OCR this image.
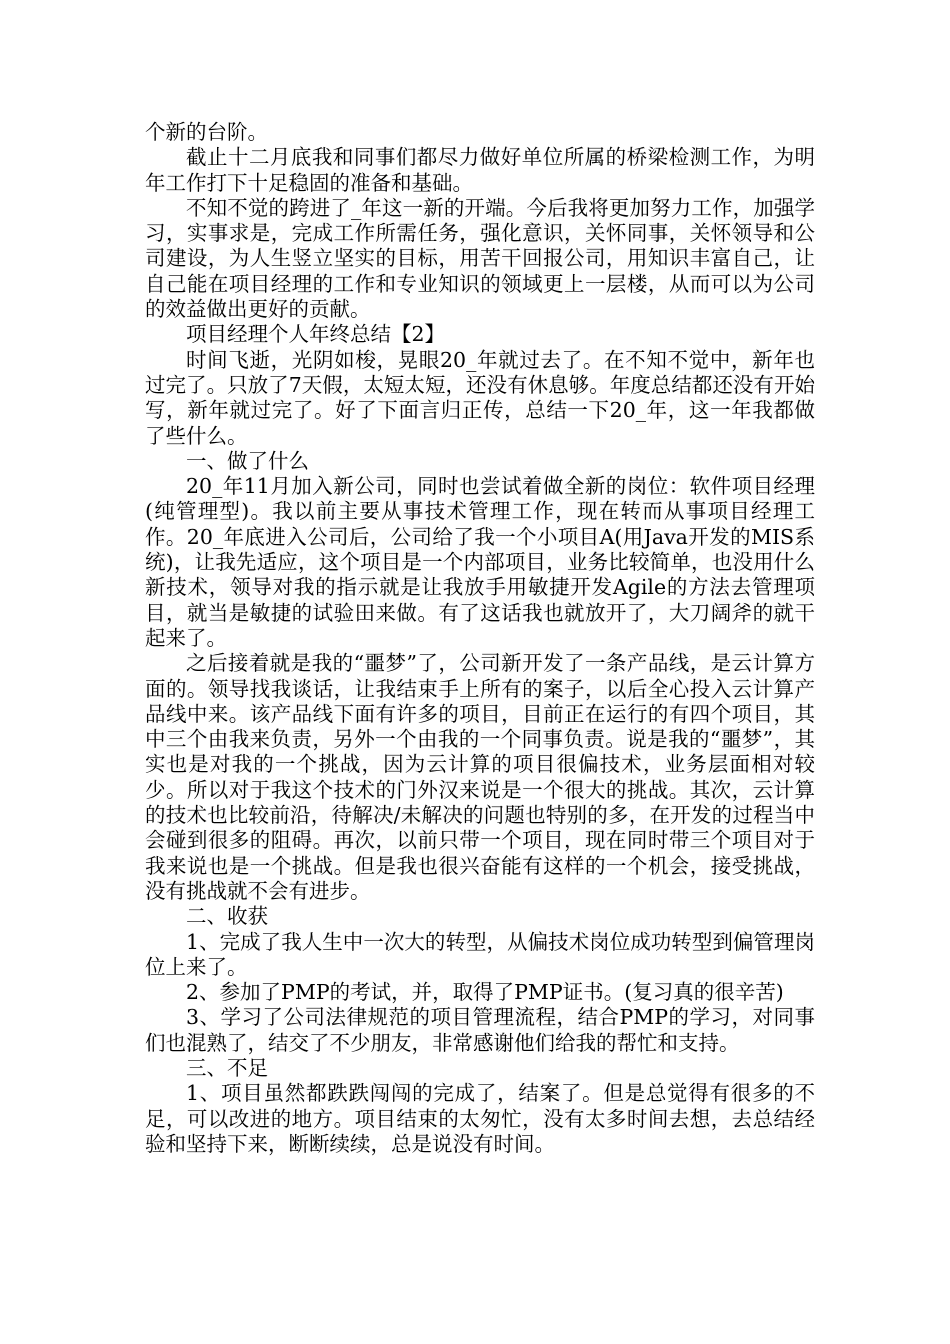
个新的台阶。

截止十二月底我和同事们都尽力做好单位所属的桥梁检测工作，为明年工作打下十足稳固的准备和基础。

不知不觉的跨进了_年这一新的开端。今后我将更加努力工作，加强学习，实事求是，完成工作所需任务，强化意识，关怀同事，关怀领导和公司建设，为人生竖立坚实的目标，用苦干回报公司，用知识丰富自己，让自己能在项目经理的工作和专业知识的领域更上一层楼，从而可以为公司的效益做出更好的贡献。

项目经理个人年终总结【2】

时间飞逝，光阴如梭，晃眼20_年就过去了。在不知不觉中，新年也过完了。只放了7天假，太短太短，还没有休息够。年度总结都还没有开始写，新年就过完了。好了下面言归正传，总结一下20_年，这一年我都做了些什么。

一、做了什么

20_年11月加入新公司，同时也尝试着做全新的岗位：软件项目经理(纯管理型)。我以前主要从事技术管理工作，现在转而从事项目经理工作。20_年底进入公司后，公司给了我一个小项目A(用Java开发的MIS系统)，让我先适应，这个项目是一个内部项目，业务比较简单，也没用什么新技术，领导对我的指示就是让我放手用敏捷开发Agile的方法去管理项目，就当是敏捷的试验田来做。有了这话我也就放开了，大刀阔斧的就干起来了。

之后接着就是我的“噩梦”了，公司新开发了一条产品线，是云计算方面的。领导找我谈话，让我结束手上所有的案子，以后全心投入云计算产品线中来。该产品线下面有许多的项目，目前正在运行的有四个项目，其中三个由我来负责，另外一个由我的一个同事负责。说是我的“噩梦”，其实也是对我的一个挑战，因为云计算的项目很偏技术，业务层面相对较少。所以对于我这个技术的门外汉来说是一个很大的挑战。其次，云计算的技术也比较前沿，待解决/未解决的问题也特别的多，在开发的过程当中会碰到很多的阻碍。再次，以前只带一个项目，现在同时带三个项目对于我来说也是一个挑战。但是我也很兴奋能有这样的一个机会，接受挑战，没有挑战就不会有进步。

二、收获

1、完成了我人生中一次大的转型，从偏技术岗位成功转型到偏管理岗位上来了。

2、参加了PMP的考试，并，取得了PMP证书。(复习真的很辛苦)

3、学习了公司法律规范的项目管理流程，结合PMP的学习，对同事们也混熟了，结交了不少朋友，非常感谢他们给我的帮忙和支持。

三、不足

1、项目虽然都跌跌闯闯的完成了，结案了。但是总觉得有很多的不足，可以改进的地方。项目结束的太匆忙，没有太多时间去想，去总结经验和坚持下来，断断续续，总是说没有时间。
